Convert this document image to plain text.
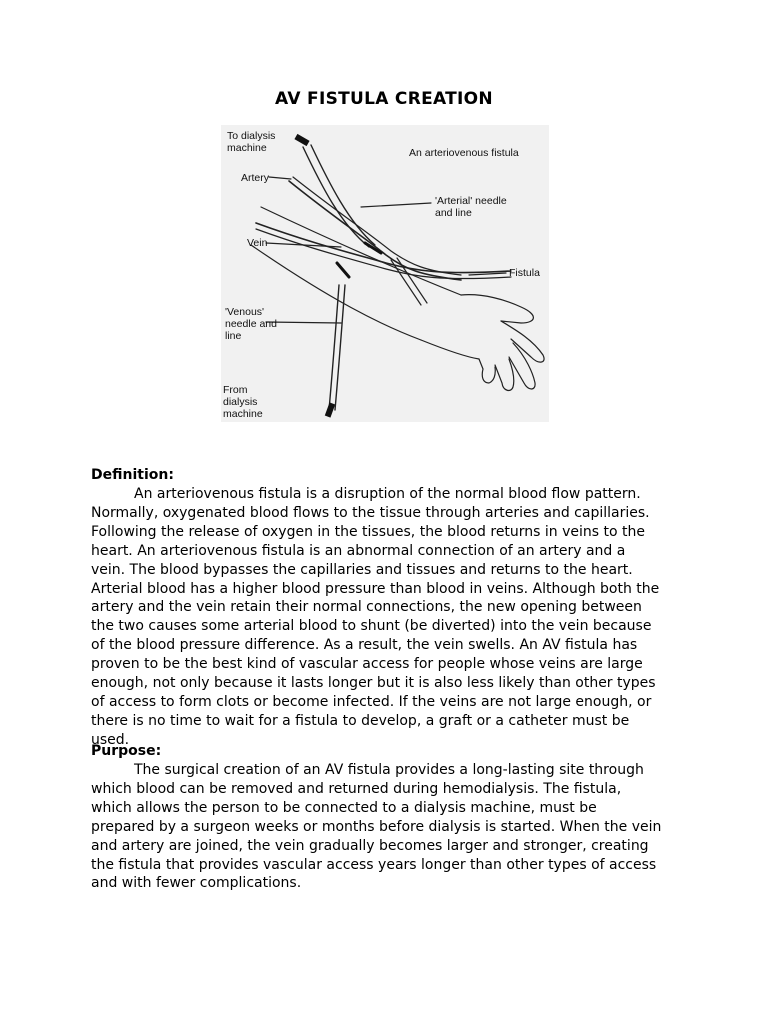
AV FISTULA CREATION
To dialysis machine
Artery
Vein
'Venous' needle and line
From dialysis machine
An arteriovenous fistula
'Arterial' needle and line
Fistula
Definition:

An arteriovenous fistula is a disruption of the normal blood flow pattern. Normally, oxygenated blood flows to the tissue through arteries and capillaries. Following the release of oxygen in the tissues, the blood returns in veins to the heart. An arteriovenous fistula is an abnormal connection of an artery and a vein. The blood bypasses the capillaries and tissues and returns to the heart. Arterial blood has a higher blood pressure than blood in veins. Although both the artery and the vein retain their normal connections, the new opening between the two causes some arterial blood to shunt (be diverted) into the vein because of the blood pressure difference. As a result, the vein swells. An AV fistula has proven to be the best kind of vascular access for people whose veins are large enough, not only because it lasts longer but it is also less likely than other types of access to form clots or become infected. If the veins are not large enough, or there is no time to wait for a fistula to develop, a graft or a catheter must be used.

Purpose:

The surgical creation of an AV fistula provides a long-lasting site through which blood can be removed and returned during hemodialysis. The fistula, which allows the person to be connected to a dialysis machine, must be prepared by a surgeon weeks or months before dialysis is started. When the vein and artery are joined, the vein gradually becomes larger and stronger, creating the fistula that provides vascular access years longer than other types of access and with fewer complications.
